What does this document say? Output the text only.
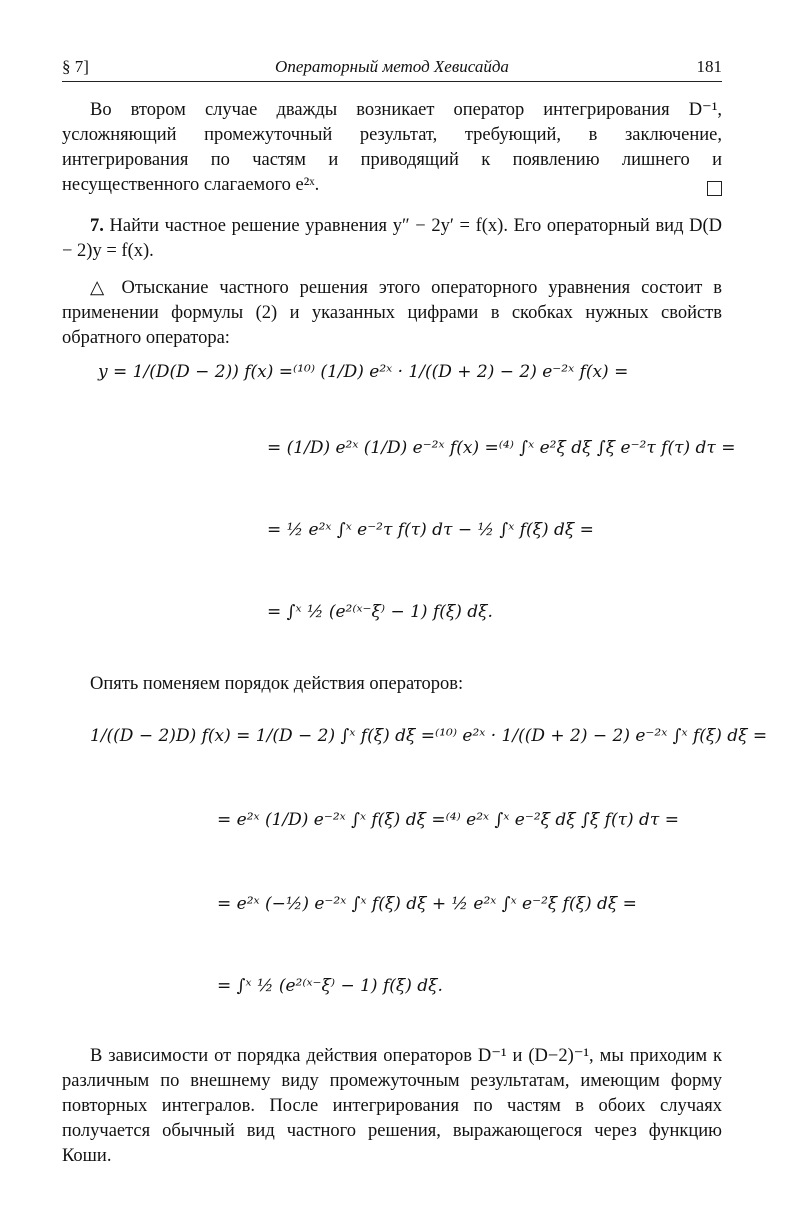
§ 7]	Операторный метод Хевисайда	181
Во втором случае дважды возникает оператор интегрирования D⁻¹, усложняющий промежуточный результат, требующий, в заключение, интегрирования по частям и приводящий к появлению лишнего и несущественного слагаемого e²ˣ.
7. Найти частное решение уравнения y″ − 2y′ = f(x). Его операторный вид D(D − 2)y = f(x).
△ Отыскание частного решения этого операторного уравнения состоит в применении формулы (2) и указанных цифрами в скобках нужных свойств обратного оператора:
y = 1/(D(D − 2)) f(x) =⁽¹⁰⁾ (1/D) e²ˣ · 1/((D + 2) − 2) e⁻²ˣ f(x) =
= (1/D) e²ˣ (1/D) e⁻²ˣ f(x) =⁽⁴⁾ ∫ˣ e²ξ dξ ∫ξ e⁻²τ f(τ) dτ =
= ½ e²ˣ ∫ˣ e⁻²τ f(τ) dτ − ½ ∫ˣ f(ξ) dξ =
= ∫ˣ ½ (e²⁽ˣ⁻ξ⁾ − 1) f(ξ) dξ.
Опять поменяем порядок действия операторов:
1/((D − 2)D) f(x) = 1/(D − 2) ∫ˣ f(ξ) dξ =⁽¹⁰⁾ e²ˣ · 1/((D + 2) − 2) e⁻²ˣ ∫ˣ f(ξ) dξ =
= e²ˣ (1/D) e⁻²ˣ ∫ˣ f(ξ) dξ =⁽⁴⁾ e²ˣ ∫ˣ e⁻²ξ dξ ∫ξ f(τ) dτ =
= e²ˣ (−½) e⁻²ˣ ∫ˣ f(ξ) dξ + ½ e²ˣ ∫ˣ e⁻²ξ f(ξ) dξ =
= ∫ˣ ½ (e²⁽ˣ⁻ξ⁾ − 1) f(ξ) dξ.
В зависимости от порядка действия операторов D⁻¹ и (D−2)⁻¹, мы приходим к различным по внешнему виду промежуточным результатам, имеющим форму повторных интегралов. После интегрирования по частям в обоих случаях получается обычный вид частного решения, выражающегося через функцию Коши.
